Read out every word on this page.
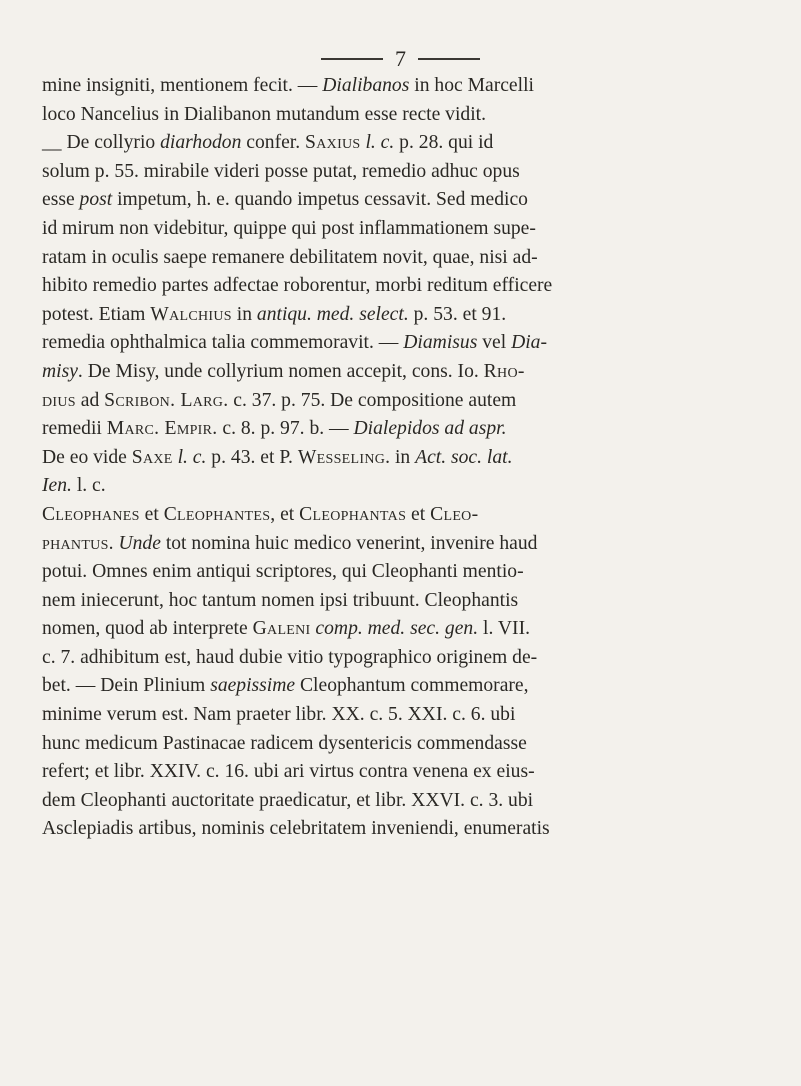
7
mine insigniti, mentionem fecit. — Dialibanos in hoc Marcelli
loco Nancelius in Dialibanon mutandum esse recte vidit.
__ De collyrio diarhodon confer. Saxius l. c. p. 28. qui id
solum p. 55. mirabile videri posse putat, remedio adhuc opus
esse post impetum, h. e. quando impetus cessavit. Sed medico
id mirum non videbitur, quippe qui post inflammationem supe-
ratam in oculis saepe remanere debilitatem novit, quae, nisi ad-
hibito remedio partes adfectae roborentur, morbi reditum efficere
potest. Etiam Walchius in antiqu. med. select. p. 53. et 91.
remedia ophthalmica talia commemoravit. — Diamisus vel Dia-
misy. De Misy, unde collyrium nomen accepit, cons. Io. Rho-
dius ad Scribon. Larg. c. 37. p. 75. De compositione autem
remedii Marc. Empir. c. 8. p. 97. b. — Dialepidos ad aspr.
De eo vide Saxe l. c. p. 43. et P. Wesseling. in Act. soc. lat.
Ien. l. c.
Cleophanes et Cleophantes, et Cleophantas et Cleo-
phantus. Unde tot nomina huic medico venerint, invenire haud
potui. Omnes enim antiqui scriptores, qui Cleophanti mentio-
nem iniecerunt, hoc tantum nomen ipsi tribuunt. Cleophantis
nomen, quod ab interprete Galeni comp. med. sec. gen. l. VII.
c. 7. adhibitum est, haud dubie vitio typographico originem de-
bet. — Dein Plinium saepissime Cleophantum commemorare,
minime verum est. Nam praeter libr. XX. c. 5. XXI. c. 6. ubi
hunc medicum Pastinacae radicem dysentericis commendasse
refert; et libr. XXIV. c. 16. ubi ari virtus contra venena ex eius-
dem Cleophanti auctoritate praedicatur, et libr. XXVI. c. 3. ubi
Asclepiadis artibus, nominis celebritatem inveniendi, enumeratis
